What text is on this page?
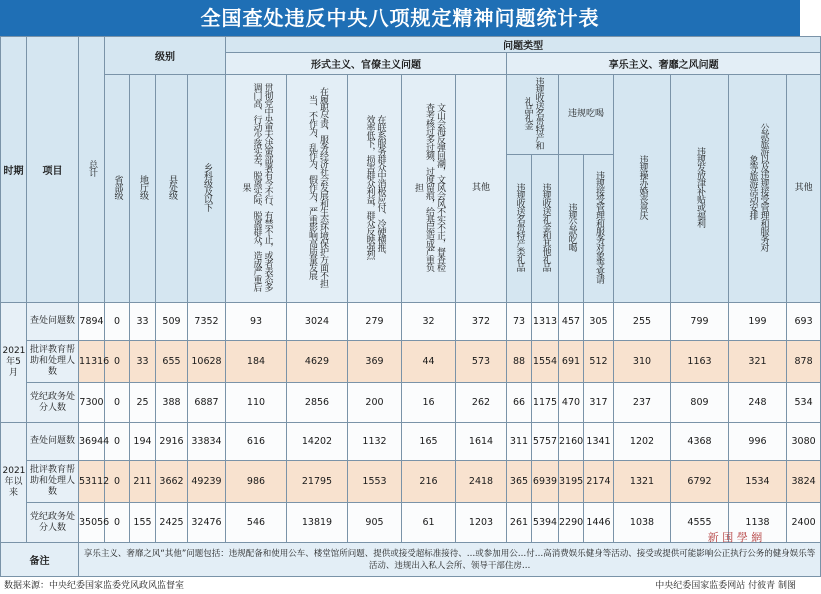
全国查处违反中央八项规定精神问题统计表
时期	项目	总计	级别				问题类型												
							形式主义、官僚主义问题					享乐主义、奢靡之风问题							
			省部级	地厅级	县处级	乡科级及以下	贯彻党中央重大决策部署有令不行、有禁不止，或者表态多调门高、行动少落实差，脱离实际、脱离群众，造成严重后果	在履职尽责、服务经济社会发展和生态环境保护方面不担当、不作为、乱作为、假作为，严重影响高质量发展	在联系服务群众中消极应付、冷硬横推、效率低下，损害群众利益，群众反映强烈	文山会海反弹回潮，文风会风不实不正，督查检查考核过多过频、过度留痕，给基层造成严重负担	其他	违规收送名贵特产和礼品礼金		违规吃喝		违规操办婚丧喜庆	违规发放津补贴或福利	公款旅游以及违规接受管理和服务对象等旅游活动安排	其他
												违规收送名贵特产类礼品	违规收送礼金和其他礼品	违规公款吃喝	违规接受管理和服务对象等宴请				
2021年5月	查处问题数	7894	0	33	509	7352	93	3024	279	32	372	73	1313	457	305	255	799	199	693
	批评教育帮助和处理人数	11316	0	33	655	10628	184	4629	369	44	573	88	1554	691	512	310	1163	321	878
	党纪政务处分人数	7300	0	25	388	6887	110	2856	200	16	262	66	1175	470	317	237	809	248	534
2021年以来	查处问题数	36944	0	194	2916	33834	616	14202	1132	165	1614	311	5757	2160	1341	1202	4368	996	3080
	批评教育帮助和处理人数	53112	0	211	3662	49239	986	21795	1553	216	2418	365	6939	3195	2174	1321	6792	1534	3824
	党纪政务处分人数	35056	0	155	2425	32476	546	13819	905	61	1203	261	5394	2290	1446	1038	4555	1138	2400
备注		享乐主义、奢靡之风“其他”问题包括：违规配备和使用公车、楼堂馆所问题、提供或接受超标准接待、…或参加用公…付…高消费娱乐健身等活动、接受或提供可能影响公正执行公务的健身娱乐等活动、违规出入私人会所、领导干部住房…																	
新 国 學 網
数据来源：中央纪委国家监委党风政风监督室	中央纪委国家监委网站 付彼青 制图
